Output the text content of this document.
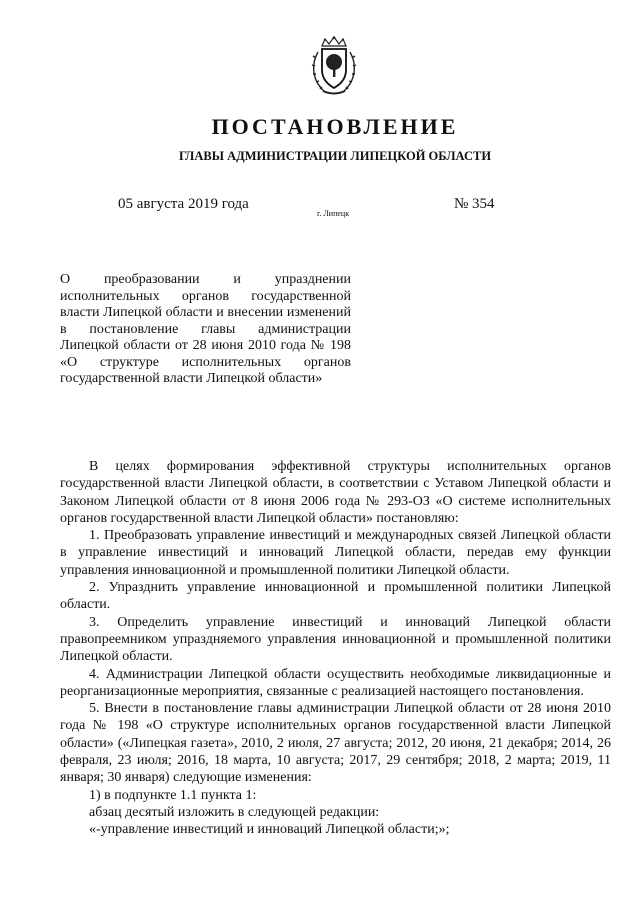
ПОСТАНОВЛЕНИЕ
ГЛАВЫ АДМИНИСТРАЦИИ ЛИПЕЦКОЙ ОБЛАСТИ
05 августа 2019 года
г. Липецк
№ 354
О преобразовании и упразднении исполнительных органов государственной власти Липецкой области и внесении изменений в постановление главы администрации Липецкой области от 28 июня 2010 года № 198 «О структуре исполнительных органов государственной власти Липецкой области»

В целях формирования эффективной структуры исполнительных органов государственной власти Липецкой области, в соответствии с Уставом Липецкой области и Законом Липецкой области от 8 июня 2006 года № 293-ОЗ «О системе исполнительных органов государственной власти Липецкой области» постановляю:

1. Преобразовать управление инвестиций и международных связей Липецкой области в управление инвестиций и инноваций Липецкой области, передав ему функции управления инновационной и промышленной политики Липецкой области.

2. Упразднить управление инновационной и промышленной политики Липецкой области.

3. Определить управление инвестиций и инноваций Липецкой области правопреемником упраздняемого управления инновационной и промышленной политики Липецкой области.

4. Администрации Липецкой области осуществить необходимые ликвидационные и реорганизационные мероприятия, связанные с реализацией настоящего постановления.

5. Внести в постановление главы администрации Липецкой области от 28 июня 2010 года № 198 «О структуре исполнительных органов государственной власти Липецкой области» («Липецкая газета», 2010, 2 июля, 27 августа; 2012, 20 июня, 21 декабря; 2014, 26 февраля, 23 июля; 2016, 18 марта, 10 августа; 2017, 29 сентября; 2018, 2 марта; 2019, 11 января; 30 января) следующие изменения:

1) в подпункте 1.1 пункта 1:

абзац десятый изложить в следующей редакции:

«-управление инвестиций и инноваций Липецкой области;»;
